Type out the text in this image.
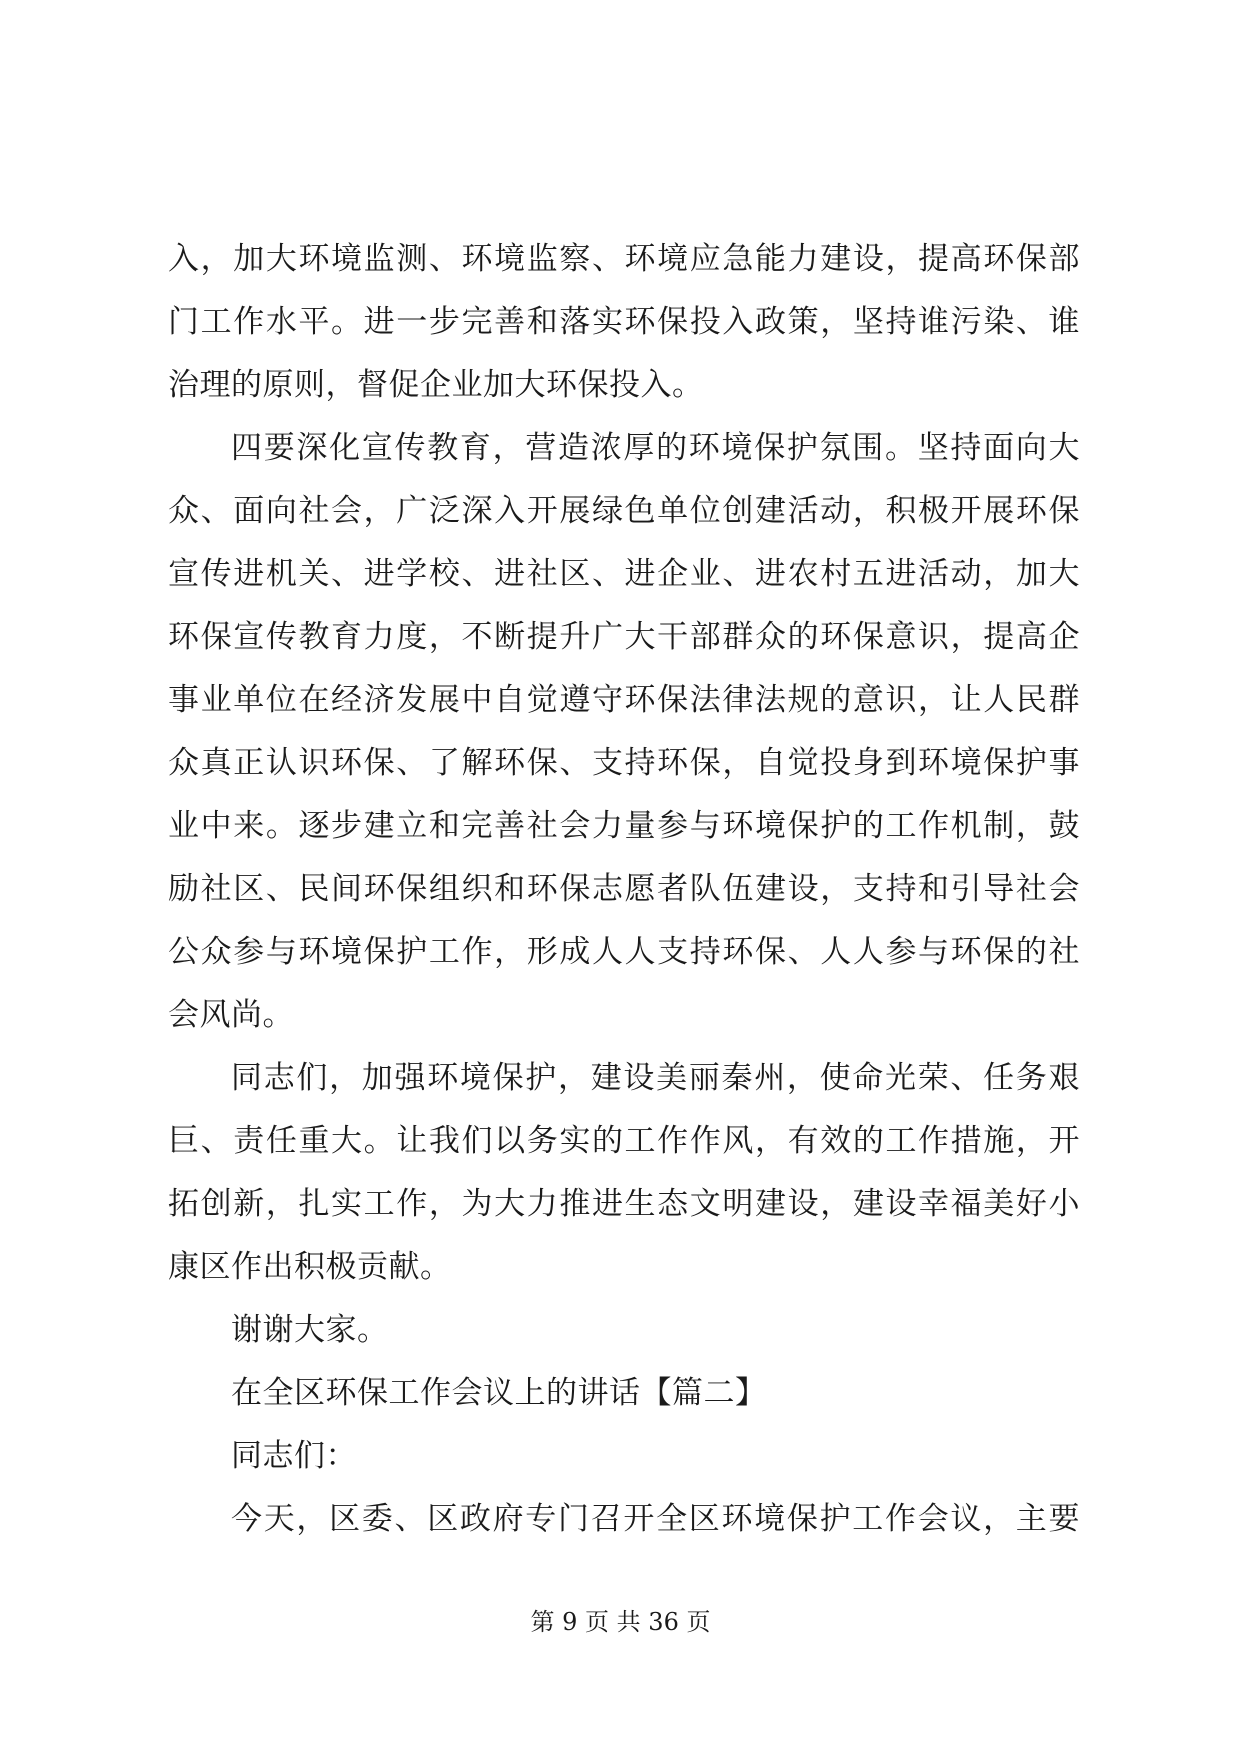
入，加大环境监测、环境监察、环境应急能力建设，提高环保部
门工作水平。进一步完善和落实环保投入政策，坚持谁污染、谁
治理的原则，督促企业加大环保投入。
四要深化宣传教育，营造浓厚的环境保护氛围。坚持面向大
众、面向社会，广泛深入开展绿色单位创建活动，积极开展环保
宣传进机关、进学校、进社区、进企业、进农村五进活动，加大
环保宣传教育力度，不断提升广大干部群众的环保意识，提高企
事业单位在经济发展中自觉遵守环保法律法规的意识，让人民群
众真正认识环保、了解环保、支持环保，自觉投身到环境保护事
业中来。逐步建立和完善社会力量参与环境保护的工作机制，鼓
励社区、民间环保组织和环保志愿者队伍建设，支持和引导社会
公众参与环境保护工作，形成人人支持环保、人人参与环保的社
会风尚。
同志们，加强环境保护，建设美丽秦州，使命光荣、任务艰
巨、责任重大。让我们以务实的工作作风，有效的工作措施，开
拓创新，扎实工作，为大力推进生态文明建设，建设幸福美好小
康区作出积极贡献。
谢谢大家。
在全区环保工作会议上的讲话【篇二】
同志们：
今天，区委、区政府专门召开全区环境保护工作会议，主要
第 9 页 共 36 页
